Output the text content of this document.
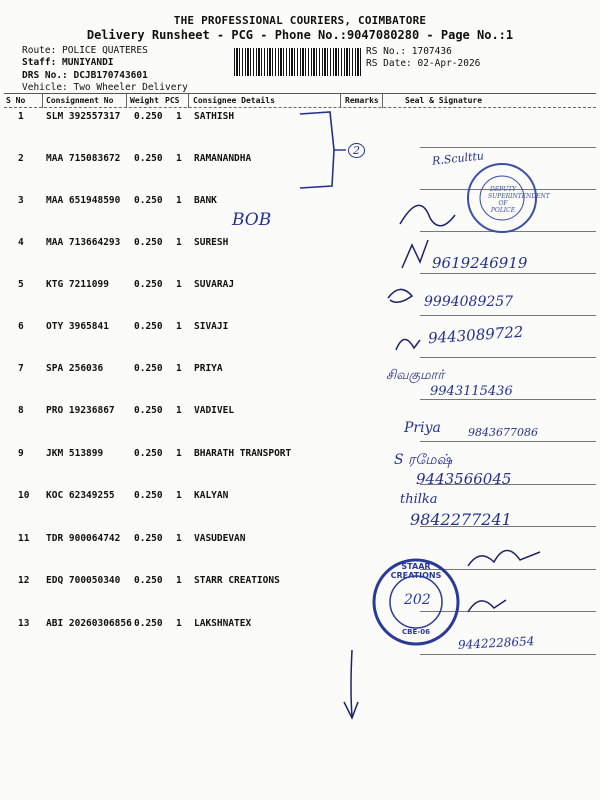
THE PROFESSIONAL COURIERS, COIMBATORE
Delivery Runsheet - PCG - Phone No.:9047080280 - Page No.:1
Route: POLICE QUATERES
Staff: MUNIYANDI
DRS No.: DCJB170743601
Vehicle: Two Wheeler Delivery
RS No.: 1707436
RS Date: 02-Apr-2026
S No	Consignment No Weight PCS Consignee Details	Remarks	Seal & Signature
1 SLM 392557317 0.250 1 SATHISH
2 MAA 715083672 0.250 1 RAMANANDHA
3 MAA 651948590 0.250 1 BANK
4 MAA 713664293 0.250 1 SURESH
5 KTG 7211099	0.250 1 SUVARAJ
6 OTY 3965841	0.250 1 SIVAJI
7 SPA 256036	0.250 1 PRIYA
8 PRO 19236867 0.250 1 VADIVEL
9 JKM 513899	0.250 1 BHARATH TRANSPORT
10 KOC 62349255 0.250 1 KALYAN
11 TDR 900064742 0.250 1 VASUDEVAN
12 EDQ 700050340 0.250 1 STARR CREATIONS
13 ABI 20260306856 0.250 1 LAKSHNATEX
2
BOB
R.Sculttu
DEPUTY SUPERINTENDENT OF POLICE
9619246919
9994089257
9443089722
சிவகுமார்
9943115436
Priya 9843677086
S ரமேஷ்
9443566045
thilka
9842277241
9442228654
STAAR CREATIONS
202
CBE-06
